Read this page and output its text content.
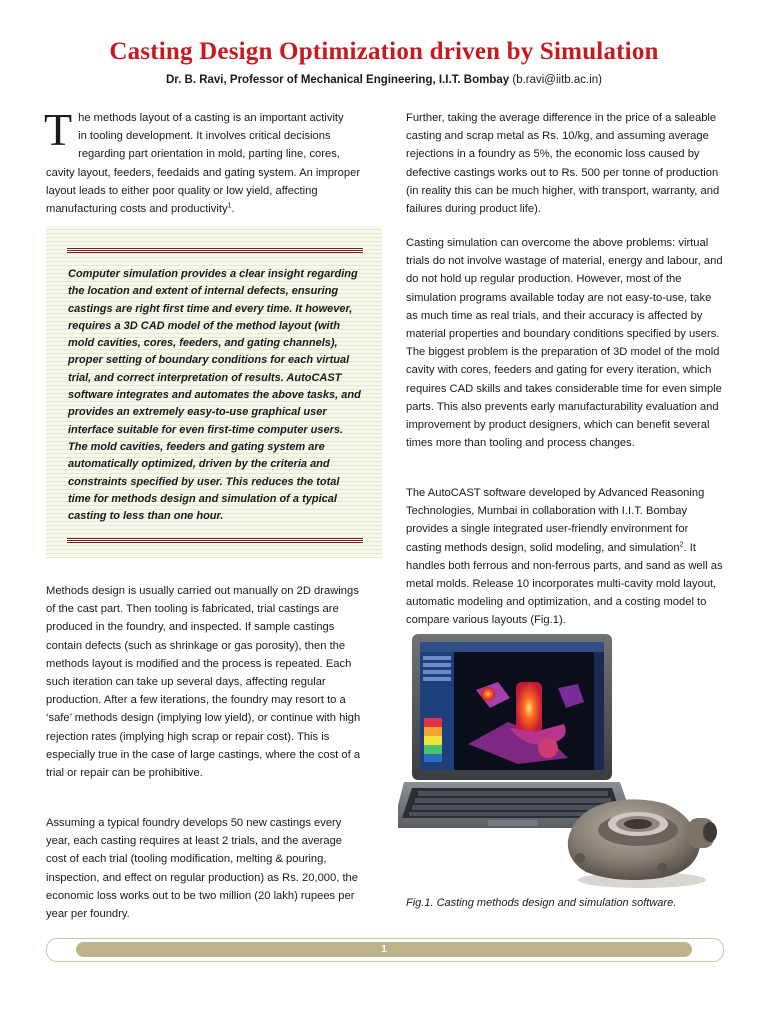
Casting Design Optimization driven by Simulation
Dr. B. Ravi, Professor of Mechanical Engineering, I.I.T. Bombay (b.ravi@iitb.ac.in)
T he methods layout of a casting is an important activity
in tooling development. It involves critical decisions
regarding part orientation in mold, parting line, cores,
cavity layout, feeders, feedaids and gating system. An improper layout leads to either poor quality or low yield, affecting manufacturing costs and productivity$^1$.
Computer simulation provides a clear insight regarding the location and extent of internal defects, ensuring castings are right first time and every time. It however, requires a 3D CAD model of the method layout (with mold cavities, cores, feeders, and gating channels), proper setting of boundary conditions for each virtual trial, and correct interpretation of results. AutoCAST software integrates and automates the above tasks, and provides an extremely easy-to-use graphical user interface suitable for even first-time computer users. The mold cavities, feeders and gating system are automatically optimized, driven by the criteria and constraints specified by user. This reduces the total time for methods design and simulation of a typical casting to less than one hour.
Methods design is usually carried out manually on 2D drawings of the cast part. Then tooling is fabricated, trial castings are produced in the foundry, and inspected. If sample castings contain defects (such as shrinkage or gas porosity), then the methods layout is modified and the process is repeated. Each such iteration can take up several days, affecting regular production. After a few iterations, the foundry may resort to a ‘safe’ methods design (implying low yield), or continue with high rejection rates (implying high scrap or repair cost). This is especially true in the case of large castings, where the cost of a trial or repair can be prohibitive.
Assuming a typical foundry develops 50 new castings every year, each casting requires at least 2 trials, and the average cost of each trial (tooling modification, melting & pouring, inspection, and effect on regular production) as Rs. 20,000, the economic loss works out to be two million (20 lakh) rupees per year per foundry.
Further, taking the average difference in the price of a saleable casting and scrap metal as Rs. 10/kg, and assuming average rejections in a foundry as 5%, the economic loss caused by defective castings works out to Rs. 500 per tonne of production (in reality this can be much higher, with transport, warranty, and failures during product life).
Casting simulation can overcome the above problems: virtual trials do not involve wastage of material, energy and labour, and do not hold up regular production. However, most of the simulation programs available today are not easy-to-use, take as much time as real trials, and their accuracy is affected by material properties and boundary conditions specified by users. The biggest problem is the preparation of 3D model of the mold cavity with cores, feeders and gating for every iteration, which requires CAD skills and takes considerable time for even simple parts. This also prevents early manufacturability evaluation and improvement by product designers, which can benefit several times more than tooling and process changes.
The AutoCAST software developed by Advanced Reasoning Technologies, Mumbai in collaboration with I.I.T. Bombay provides a single integrated user-friendly environment for casting methods design, solid modeling, and simulation$^2$. It handles both ferrous and non-ferrous parts, and sand as well as metal molds. Release 10 incorporates multi-cavity mold layout, automatic modeling and optimization, and a costing model to compare various layouts (Fig.1).
Fig.1. Casting methods design and simulation software.
1
